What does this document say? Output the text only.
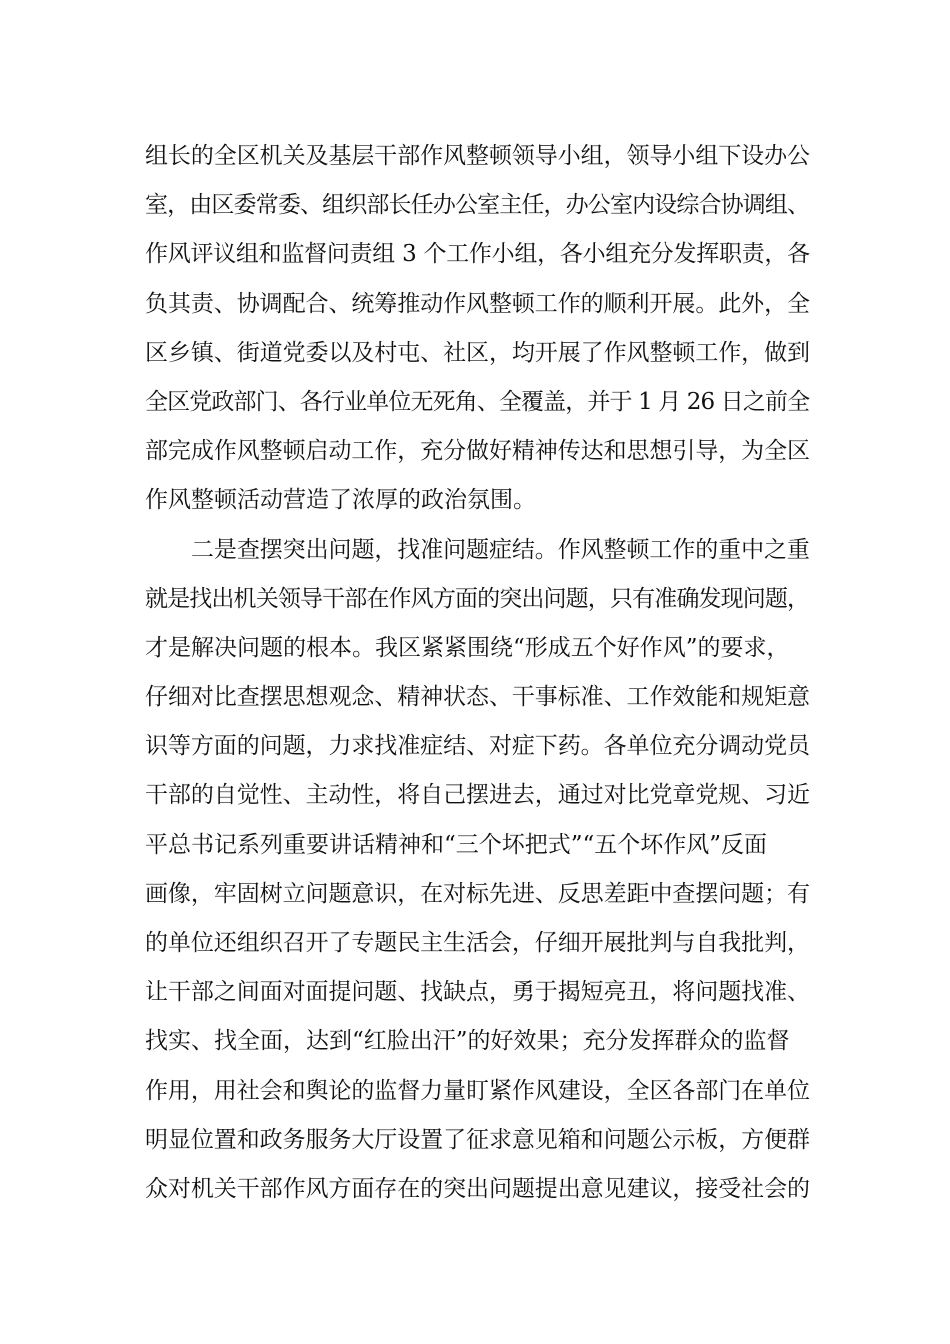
组长的全区机关及基层干部作风整顿领导小组，领导小组下设办公
室，由区委常委、组织部长任办公室主任，办公室内设综合协调组、
作风评议组和监督问责组 3 个工作小组，各小组充分发挥职责，各
负其责、协调配合、统筹推动作风整顿工作的顺利开展。此外，全
区乡镇、街道党委以及村屯、社区，均开展了作风整顿工作，做到
全区党政部门、各行业单位无死角、全覆盖，并于 1 月 26 日之前全
部完成作风整顿启动工作，充分做好精神传达和思想引导，为全区
作风整顿活动营造了浓厚的政治氛围。
二是查摆突出问题，找准问题症结。作风整顿工作的重中之重
就是找出机关领导干部在作风方面的突出问题，只有准确发现问题，
才是解决问题的根本。我区紧紧围绕“形成五个好作风”的要求，
仔细对比查摆思想观念、精神状态、干事标准、工作效能和规矩意
识等方面的问题，力求找准症结、对症下药。各单位充分调动党员
干部的自觉性、主动性，将自己摆进去，通过对比党章党规、习近
平总书记系列重要讲话精神和“三个坏把式”“五个坏作风”反面
画像，牢固树立问题意识，在对标先进、反思差距中查摆问题；有
的单位还组织召开了专题民主生活会，仔细开展批判与自我批判，
让干部之间面对面提问题、找缺点，勇于揭短亮丑，将问题找准、
找实、找全面，达到“红脸出汗”的好效果；充分发挥群众的监督
作用，用社会和舆论的监督力量盯紧作风建设，全区各部门在单位
明显位置和政务服务大厅设置了征求意见箱和问题公示板，方便群
众对机关干部作风方面存在的突出问题提出意见建议，接受社会的
